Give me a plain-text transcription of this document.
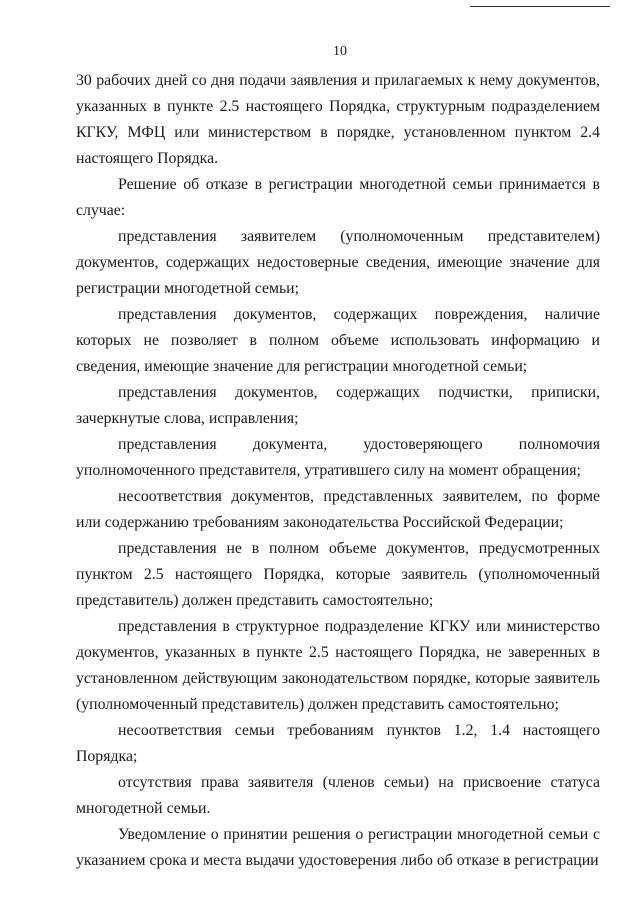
10

30 рабочих дней со дня подачи заявления и прилагаемых к нему документов, указанных в пункте 2.5 настоящего Порядка, структурным подразделением КГКУ, МФЦ или министерством в порядке, установленном пунктом 2.4 настоящего Порядка.

Решение об отказе в регистрации многодетной семьи принимается в случае:

представления заявителем (уполномоченным представителем) документов, содержащих недостоверные сведения, имеющие значение для регистрации многодетной семьи;

представления документов, содержащих повреждения, наличие которых не позволяет в полном объеме использовать информацию и сведения, имеющие значение для регистрации многодетной семьи;

представления документов, содержащих подчистки, приписки, зачеркнутые слова, исправления;

представления документа, удостоверяющего полномочия уполномоченного представителя, утратившего силу на момент обращения;

несоответствия документов, представленных заявителем, по форме или содержанию требованиям законодательства Российской Федерации;

представления не в полном объеме документов, предусмотренных пунктом 2.5 настоящего Порядка, которые заявитель (уполномоченный представитель) должен представить самостоятельно;

представления в структурное подразделение КГКУ или министерство документов, указанных в пункте 2.5 настоящего Порядка, не заверенных в установленном действующим законодательством порядке, которые заявитель (уполномоченный представитель) должен представить самостоятельно;

несоответствия семьи требованиям пунктов 1.2, 1.4 настоящего Порядка;

отсутствия права заявителя (членов семьи) на присвоение статуса многодетной семьи.

Уведомление о принятии решения о регистрации многодетной семьи с указанием срока и места выдачи удостоверения либо об отказе в регистрации
